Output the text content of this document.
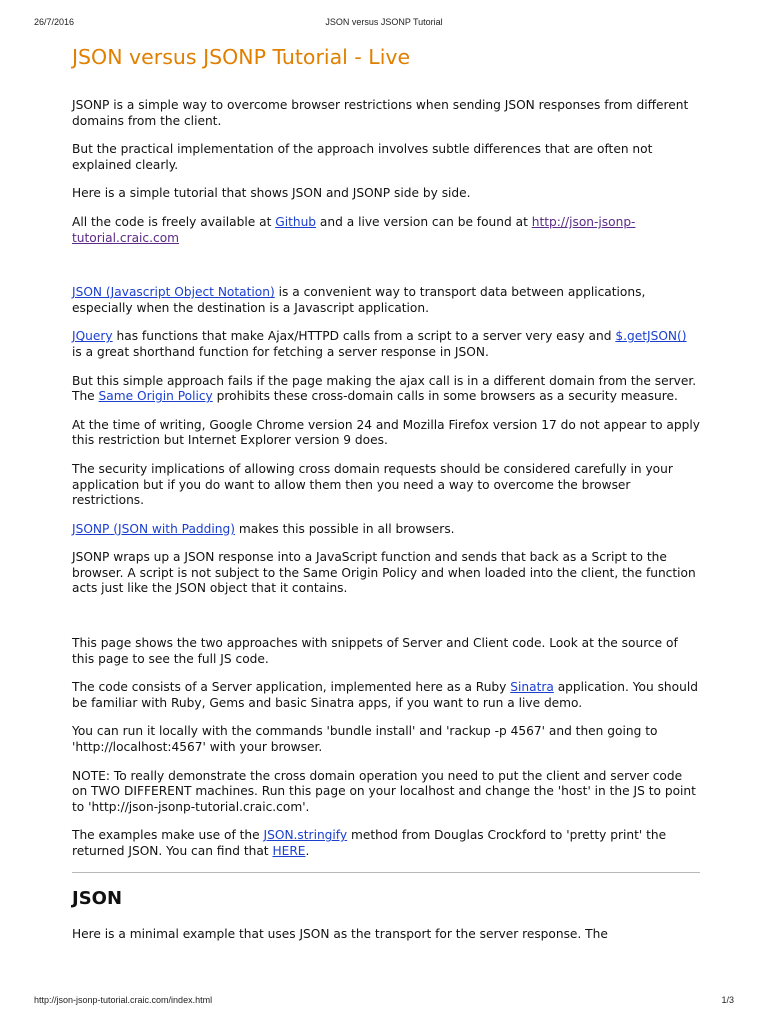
26/7/2016	JSON versus JSONP Tutorial
JSON versus JSONP Tutorial - Live

JSONP is a simple way to overcome browser restrictions when sending JSON responses from different domains from the client.

But the practical implementation of the approach involves subtle differences that are often not explained clearly.

Here is a simple tutorial that shows JSON and JSONP side by side.

All the code is freely available at Github and a live version can be found at http://json-jsonp-tutorial.craic.com

JSON (Javascript Object Notation) is a convenient way to transport data between applications, especially when the destination is a Javascript application.

JQuery has functions that make Ajax/HTTPD calls from a script to a server very easy and $.getJSON() is a great shorthand function for fetching a server response in JSON.

But this simple approach fails if the page making the ajax call is in a different domain from the server. The Same Origin Policy prohibits these cross-domain calls in some browsers as a security measure.

At the time of writing, Google Chrome version 24 and Mozilla Firefox version 17 do not appear to apply this restriction but Internet Explorer version 9 does.

The security implications of allowing cross domain requests should be considered carefully in your application but if you do want to allow them then you need a way to overcome the browser restrictions.

JSONP (JSON with Padding) makes this possible in all browsers.

JSONP wraps up a JSON response into a JavaScript function and sends that back as a Script to the browser. A script is not subject to the Same Origin Policy and when loaded into the client, the function acts just like the JSON object that it contains.

This page shows the two approaches with snippets of Server and Client code. Look at the source of this page to see the full JS code.

The code consists of a Server application, implemented here as a Ruby Sinatra application. You should be familiar with Ruby, Gems and basic Sinatra apps, if you want to run a live demo.

You can run it locally with the commands 'bundle install' and 'rackup -p 4567' and then going to 'http://localhost:4567' with your browser.

NOTE: To really demonstrate the cross domain operation you need to put the client and server code on TWO DIFFERENT machines. Run this page on your localhost and change the 'host' in the JS to point to 'http://json-jsonp-tutorial.craic.com'.

The examples make use of the JSON.stringify method from Douglas Crockford to 'pretty print' the returned JSON. You can find that HERE.

JSON

Here is a minimal example that uses JSON as the transport for the server response. The

http://json-jsonp-tutorial.craic.com/index.html	1/3
